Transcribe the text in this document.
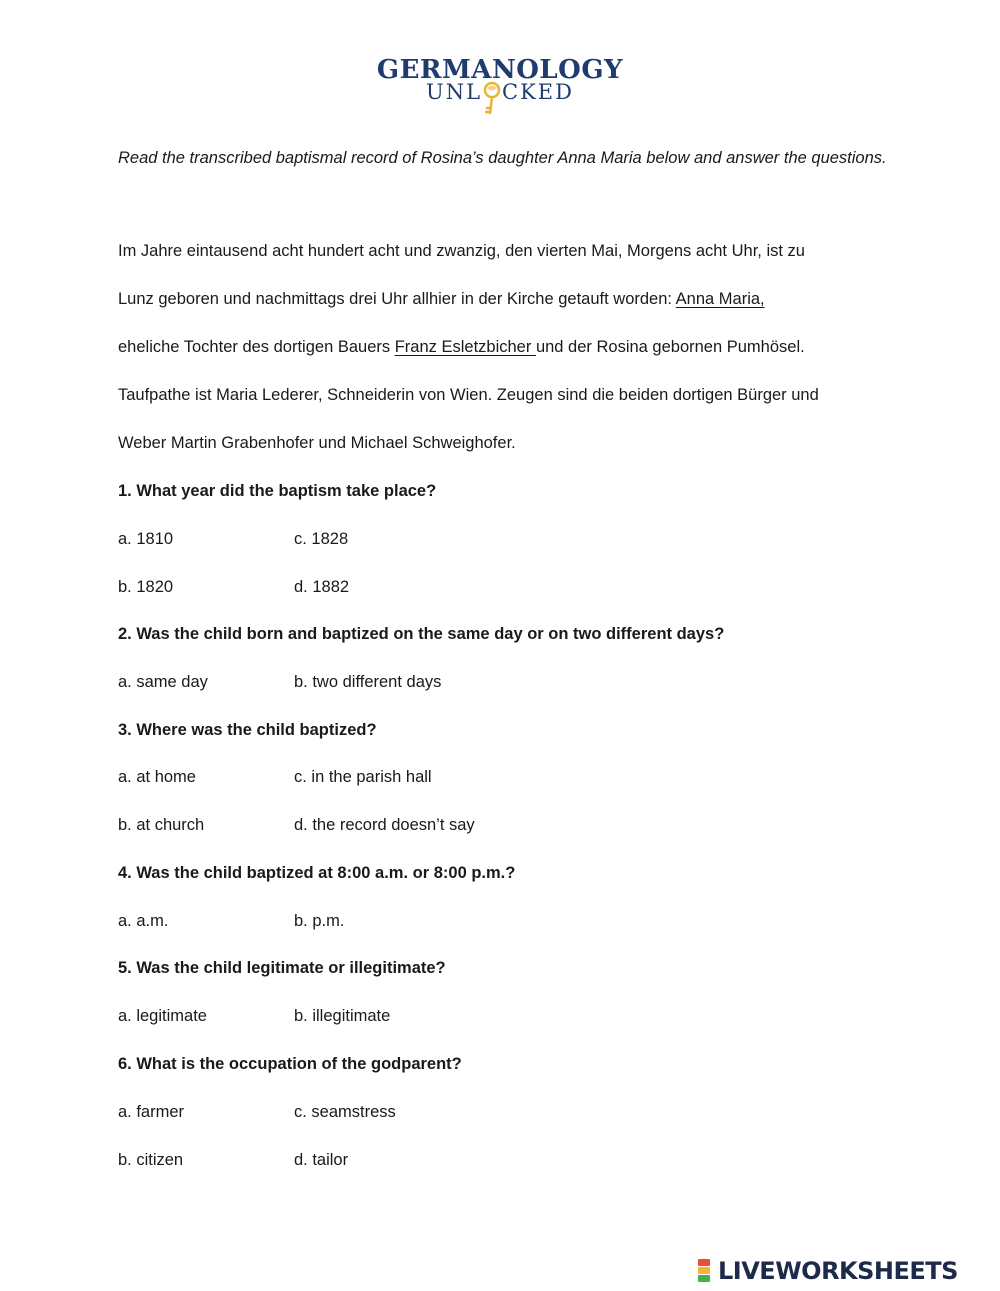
GERMANOLOGY
UNL CKED
Read the transcribed baptismal record of Rosina’s daughter Anna Maria below and answer the questions.
Im Jahre eintausend acht hundert acht und zwanzig, den vierten Mai, Morgens acht Uhr, ist zu
Lunz geboren und nachmittags drei Uhr allhier in der Kirche getauft worden: Anna Maria,
eheliche Tochter des dortigen Bauers Franz Esletzbicher und der Rosina gebornen Pumhösel.
Taufpathe ist Maria Lederer, Schneiderin von Wien. Zeugen sind die beiden dortigen Bürger und
Weber Martin Grabenhofer und Michael Schweighofer.
1. What year did the baptism take place?
a. 1810	c. 1828
b. 1820	d. 1882
2. Was the child born and baptized on the same day or on two different days?
a. same day	b. two different days
3. Where was the child baptized?
a. at home	c. in the parish hall
b. at church	d. the record doesn’t say
4. Was the child baptized at 8:00 a.m. or 8:00 p.m.?
a. a.m.	b. p.m.
5. Was the child legitimate or illegitimate?
a. legitimate	b. illegitimate
6. What is the occupation of the godparent?
a. farmer	c. seamstress
b. citizen	d. tailor
LIVEWORKSHEETS
